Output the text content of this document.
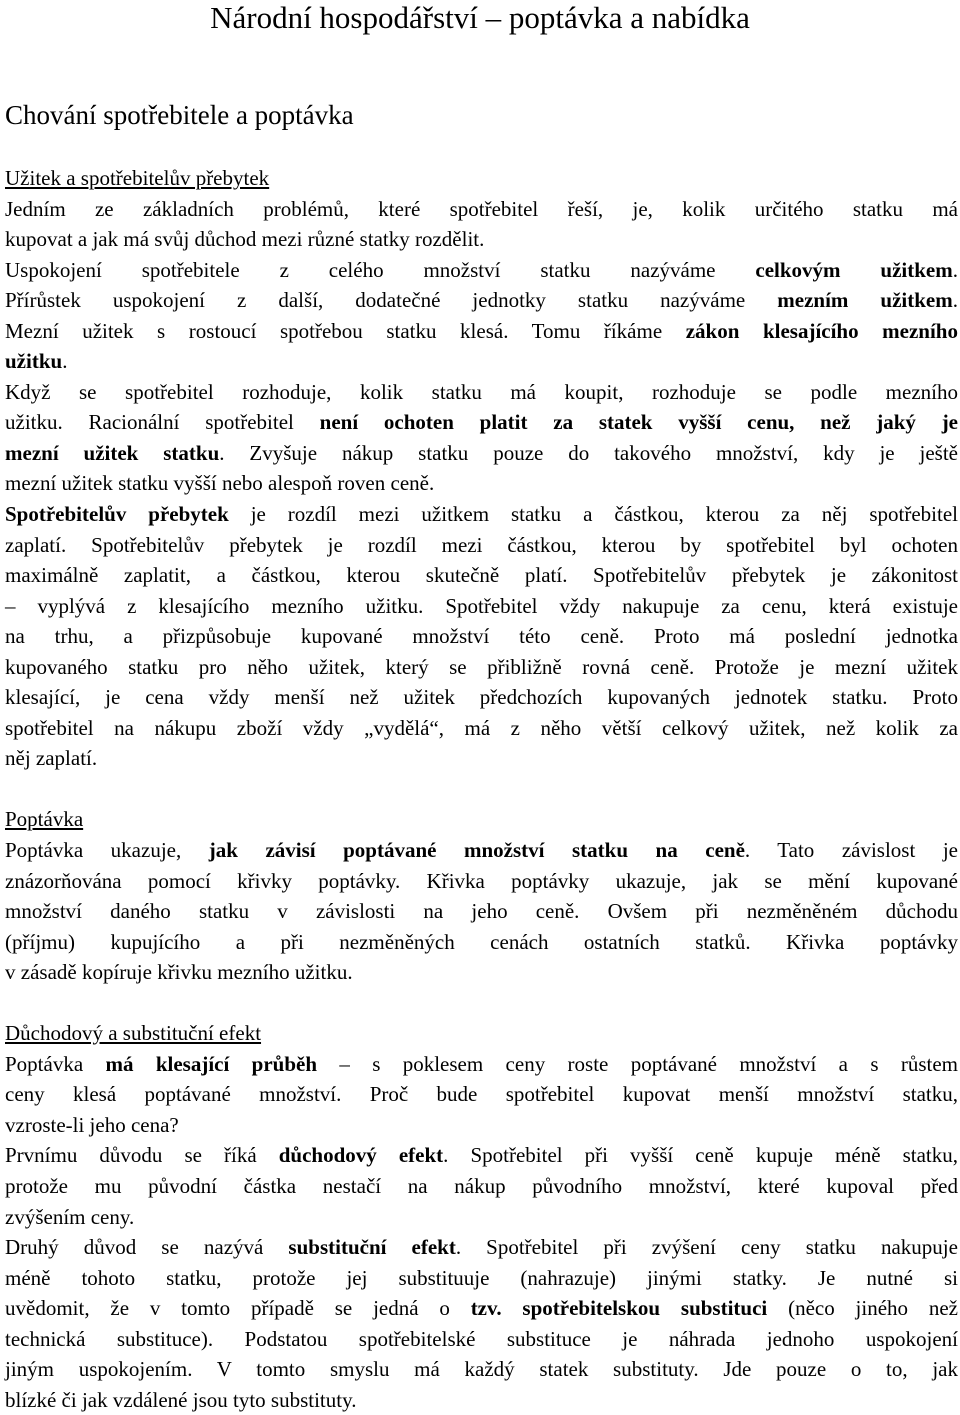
Národní hospodářství – poptávka a nabídka
Chování spotřebitele a poptávka
Užitek a spotřebitelův přebytek
Jedním ze základních problémů, které spotřebitel řeší, je, kolik určitého statku má
kupovat a jak má svůj důchod mezi různé statky rozdělit.
Uspokojení spotřebitele z celého množství statku nazýváme celkovým užitkem.
Přírůstek uspokojení z další, dodatečné jednotky statku nazýváme mezním užitkem.
Mezní užitek s rostoucí spotřebou statku klesá. Tomu říkáme zákon klesajícího mezního
užitku.
Když se spotřebitel rozhoduje, kolik statku má koupit, rozhoduje se podle mezního
užitku. Racionální spotřebitel není ochoten platit za statek vyšší cenu, než jaký je
mezní užitek statku. Zvyšuje nákup statku pouze do takového množství, kdy je ještě
mezní užitek statku vyšší nebo alespoň roven ceně.
Spotřebitelův přebytek je rozdíl mezi užitkem statku a částkou, kterou za něj spotřebitel
zaplatí. Spotřebitelův přebytek je rozdíl mezi částkou, kterou by spotřebitel byl ochoten
maximálně zaplatit, a částkou, kterou skutečně platí. Spotřebitelův přebytek je zákonitost
– vyplývá z klesajícího mezního užitku. Spotřebitel vždy nakupuje za cenu, která existuje
na trhu, a přizpůsobuje kupované množství této ceně. Proto má poslední jednotka
kupovaného statku pro něho užitek, který se přibližně rovná ceně. Protože je mezní užitek
klesající, je cena vždy menší než užitek předchozích kupovaných jednotek statku. Proto
spotřebitel na nákupu zboží vždy „vydělá“, má z něho větší celkový užitek, než kolik za
něj zaplatí.
Poptávka
Poptávka ukazuje, jak závisí poptávané množství statku na ceně. Tato závislost je
znázorňována pomocí křivky poptávky. Křivka poptávky ukazuje, jak se mění kupované
množství daného statku v závislosti na jeho ceně. Ovšem při nezměněném důchodu
(příjmu) kupujícího a při nezměněných cenách ostatních statků. Křivka poptávky
v zásadě kopíruje křivku mezního užitku.
Důchodový a substituční efekt
Poptávka má klesající průběh – s poklesem ceny roste poptávané množství a s růstem
ceny klesá poptávané množství. Proč bude spotřebitel kupovat menší množství statku,
vzroste-li jeho cena?
Prvnímu důvodu se říká důchodový efekt. Spotřebitel při vyšší ceně kupuje méně statku,
protože mu původní částka nestačí na nákup původního množství, které kupoval před
zvýšením ceny.
Druhý důvod se nazývá substituční efekt. Spotřebitel při zvýšení ceny statku nakupuje
méně tohoto statku, protože jej substituuje (nahrazuje) jinými statky. Je nutné si
uvědomit, že v tomto případě se jedná o tzv. spotřebitelskou substituci (něco jiného než
technická substituce). Podstatou spotřebitelské substituce je náhrada jednoho uspokojení
jiným uspokojením. V tomto smyslu má každý statek substituty. Jde pouze o to, jak
blízké či jak vzdálené jsou tyto substituty.
